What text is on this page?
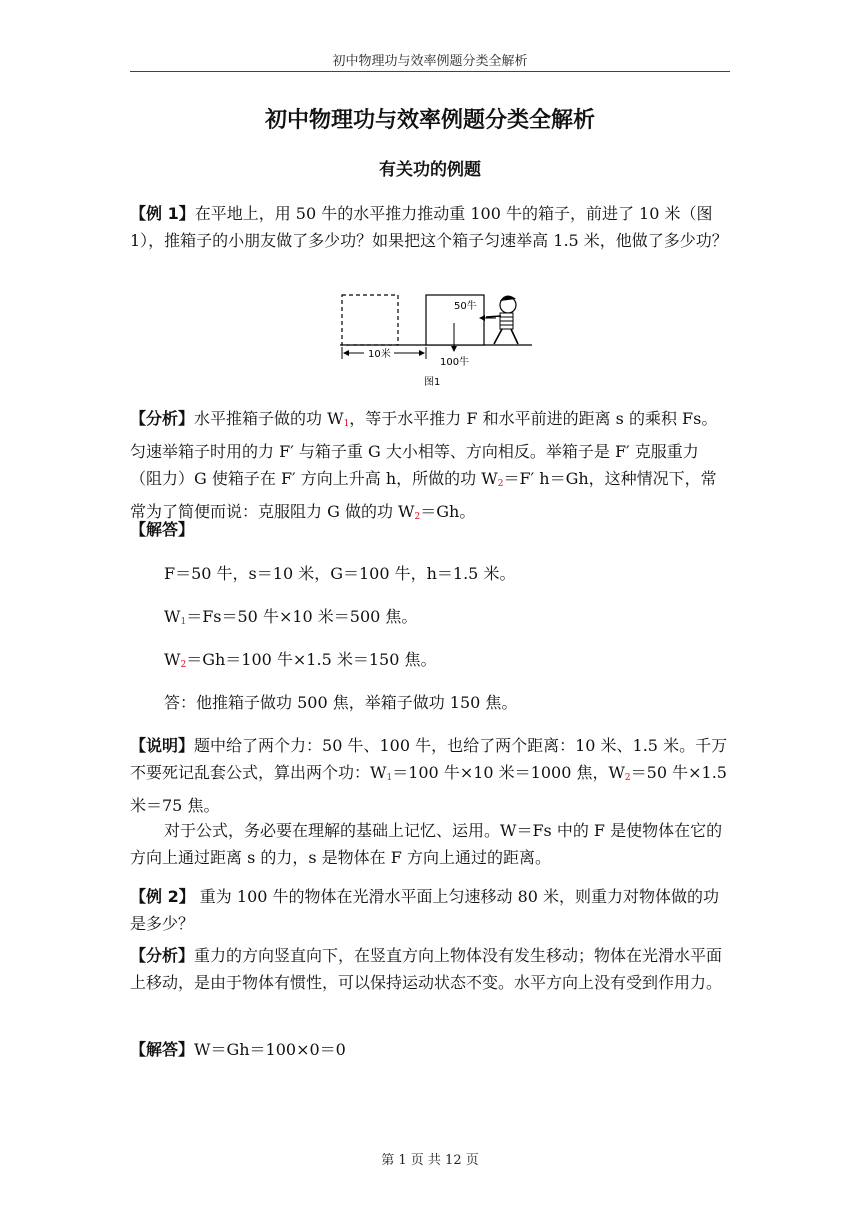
初中物理功与效率例题分类全解析
初中物理功与效率例题分类全解析
有关功的例题
【例 1】在平地上，用 50 牛的水平推力推动重 100 牛的箱子，前进了 10 米（图 1），推箱子的小朋友做了多少功？如果把这个箱子匀速举高 1.5 米，他做了多少功？
50牛
100牛
10米
图1
【分析】水平推箱子做的功 W1，等于水平推力 F 和水平前进的距离 s 的乘积 Fs。匀速举箱子时用的力 F′ 与箱子重 G 大小相等、方向相反。举箱子是 F′ 克服重力（阻力）G 使箱子在 F′ 方向上升高 h，所做的功 W2＝F′ h＝Gh，这种情况下，常常为了简便而说：克服阻力 G 做的功 W2＝Gh。
【解答】
F＝50 牛，s＝10 米，G＝100 牛，h＝1.5 米。
W1＝Fs＝50 牛×10 米＝500 焦。
W2＝Gh＝100 牛×1.5 米＝150 焦。
答：他推箱子做功 500 焦，举箱子做功 150 焦。
【说明】题中给了两个力：50 牛、100 牛，也给了两个距离：10 米、1.5 米。千万不要死记乱套公式，算出两个功：W1＝100 牛×10 米＝1000 焦，W2＝50 牛×1.5 米＝75 焦。
对于公式，务必要在理解的基础上记忆、运用。W＝Fs 中的 F 是使物体在它的方向上通过距离 s 的力，s 是物体在 F 方向上通过的距离。
【例 2】 重为 100 牛的物体在光滑水平面上匀速移动 80 米，则重力对物体做的功是多少？
【分析】重力的方向竖直向下，在竖直方向上物体没有发生移动；物体在光滑水平面上移动，是由于物体有惯性，可以保持运动状态不变。水平方向上没有受到作用力。
【解答】W＝Gh＝100×0＝0
第 1 页 共 12 页
